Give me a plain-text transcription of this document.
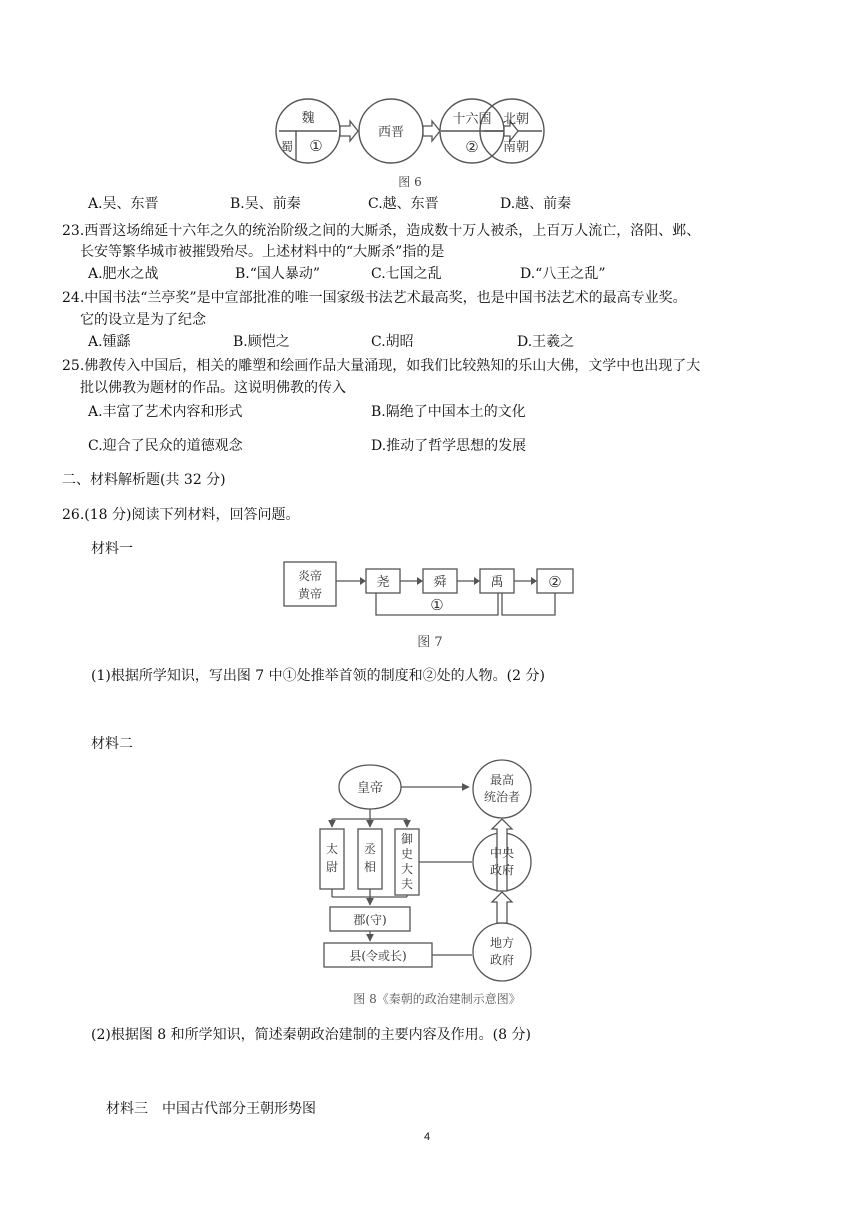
魏
蜀 ①
西晋
十六国
②
北朝
南朝
图 6
A.吴、东晋	B.吴、前秦	C.越、东晋	D.越、前秦
23.西晋这场绵延十六年之久的统治阶级之间的大厮杀，造成数十万人被杀，上百万人流亡，洛阳、邺、
长安等繁华城市被摧毁殆尽。上述材料中的“大厮杀”指的是
A.肥水之战	B.“国人暴动”	C.七国之乱	D.“八王之乱”
24.中国书法“兰亭奖”是中宣部批准的唯一国家级书法艺术最高奖，也是中国书法艺术的最高专业奖。
它的设立是为了纪念
A.锺繇	B.顾恺之	C.胡昭	D.王羲之
25.佛教传入中国后，相关的雕塑和绘画作品大量涌现，如我们比较熟知的乐山大佛，文学中也出现了大
批以佛教为题材的作品。这说明佛教的传入
A.丰富了艺术内容和形式	B.隔绝了中国本土的文化
C.迎合了民众的道德观念	D.推动了哲学思想的发展
二、材料解析题(共 32 分)
26.(18 分)阅读下列材料，回答问题。
材料一
炎帝
黄帝
尧	舜	禹	②
①
图 7
(1)根据所学知识，写出图 7 中①处推举首领的制度和②处的人物。(2 分)
材料二
皇帝
最高
统治者
中央
政府
地方
政府
太
尉
丞
相
御
史
大
夫
郡(守)
县(令或长)
图 8《秦朝的政治建制示意图》
(2)根据图 8 和所学知识，简述秦朝政治建制的主要内容及作用。(8 分)
材料三　中国古代部分王朝形势图
4
